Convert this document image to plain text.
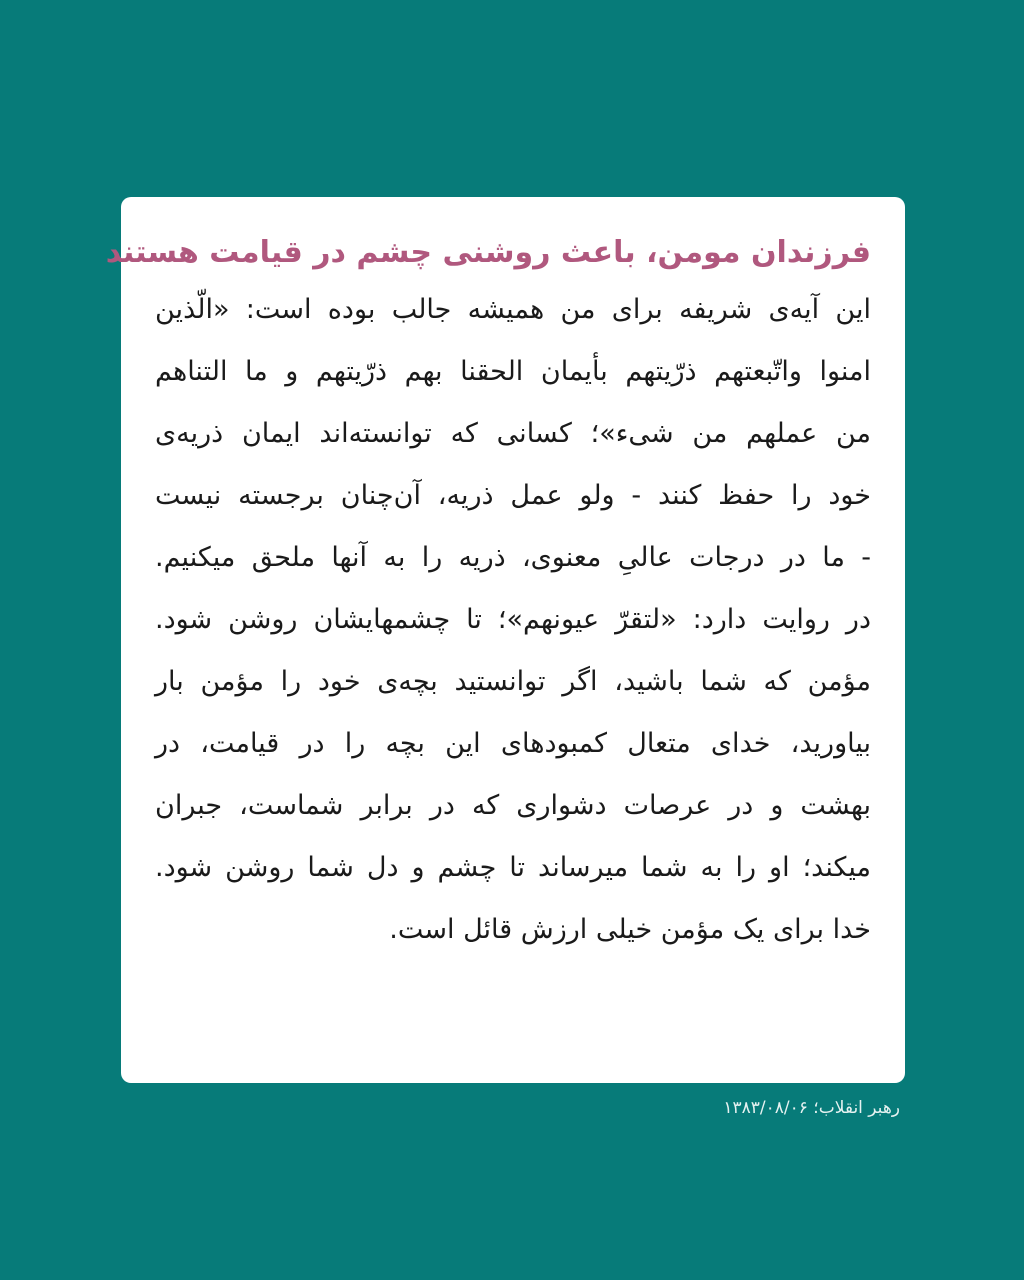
فرزندان مومن، باعث روشنی چشم در قیامت هستند
این آیه‌ی شریفه برای من همیشه جالب بوده است: «الّذین
امنوا واتّبعتهم ذرّیتهم بأیمان الحقنا بهم ذرّیتهم و ما التناهم
من عملهم من شیء»؛ کسانی که توانسته‌اند ایمان ذریه‌ی
خود را حفظ کنند - ولو عمل ذریه، آن‌چنان برجسته نیست
- ما در درجات عالیِ معنوی، ذریه را به آنها ملحق میکنیم.
در روایت دارد: «لتقرّ عیونهم»؛ تا چشمهایشان روشن شود.
مؤمن که شما باشید، اگر توانستید بچه‌ی خود را مؤمن بار
بیاورید، خدای متعال کمبودهای این بچه را در قیامت، در
بهشت و در عرصات دشواری که در برابر شماست، جبران
میکند؛ او را به شما میرساند تا چشم و دل شما روشن شود.
خدا برای یک مؤمن خیلی ارزش قائل است.
رهبر انقلاب؛ ۱۳۸۳/۰۸/۰۶
